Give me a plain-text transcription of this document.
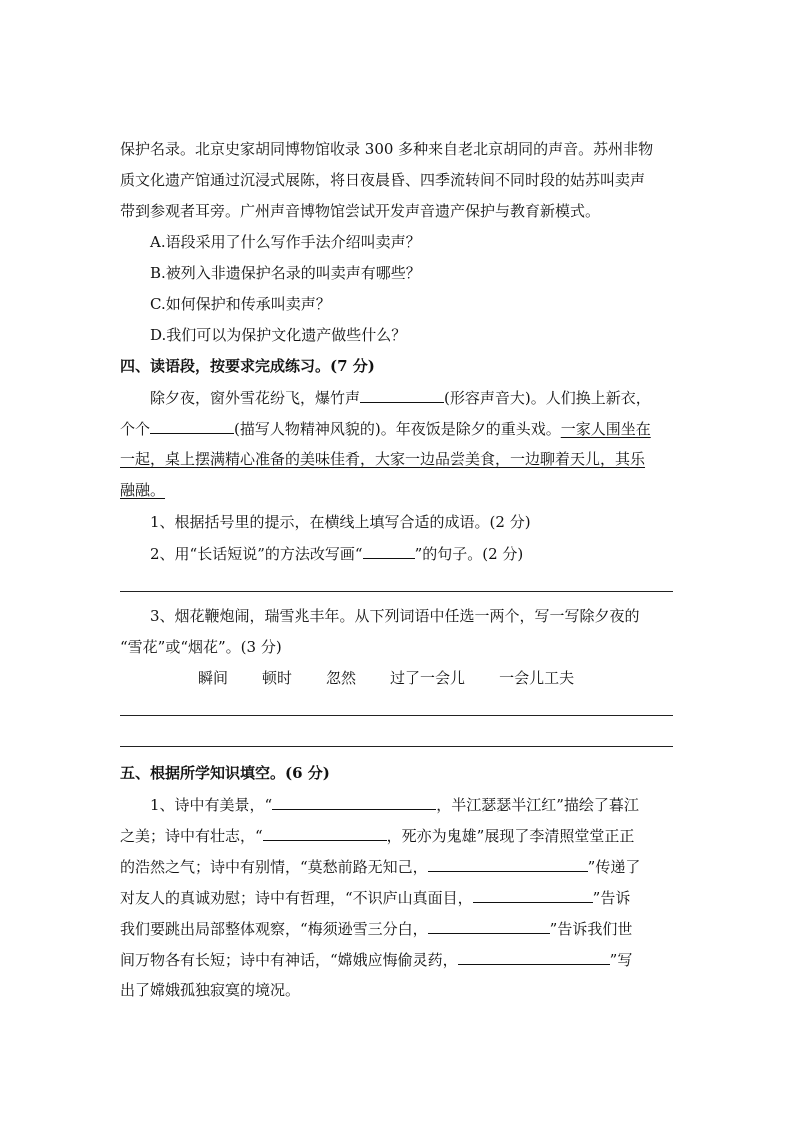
保护名录。北京史家胡同博物馆收录 300 多种来自老北京胡同的声音。苏州非物
质文化遗产馆通过沉浸式展陈，将日夜晨昏、四季流转间不同时段的姑苏叫卖声
带到参观者耳旁。广州声音博物馆尝试开发声音遗产保护与教育新模式。
A.语段采用了什么写作手法介绍叫卖声？
B.被列入非遗保护名录的叫卖声有哪些？
C.如何保护和传承叫卖声？
D.我们可以为保护文化遗产做些什么？
四、读语段，按要求完成练习。(7 分)
除夕夜，窗外雪花纷飞，爆竹声	(形容声音大)。人们换上新衣，
个个	(描写人物精神风貌的)。年夜饭是除夕的重头戏。一家人围坐在
一起，桌上摆满精心准备的美味佳肴，大家一边品尝美食，一边聊着天儿，其乐
融融。
1、根据括号里的提示，在横线上填写合适的成语。(2 分)
2、用“长话短说”的方法改写画“	”的句子。(2 分)
3、烟花鞭炮闹，瑞雪兆丰年。从下列词语中任选一两个，写一写除夕夜的
“雪花”或“烟花”。(3 分)
瞬间 顿时 忽然 过了一会儿 一会儿工夫
五、根据所学知识填空。(6 分)
1、诗中有美景，“	，半江瑟瑟半江红”描绘了暮江
之美；诗中有壮志，“	，死亦为鬼雄”展现了李清照堂堂正正
的浩然之气；诗中有别情，“莫愁前路无知己，	”传递了
对友人的真诚劝慰；诗中有哲理，“不识庐山真面目，	”告诉
我们要跳出局部整体观察，“梅须逊雪三分白，	”告诉我们世
间万物各有长短；诗中有神话，“嫦娥应悔偷灵药，	”写
出了嫦娥孤独寂寞的境况。
